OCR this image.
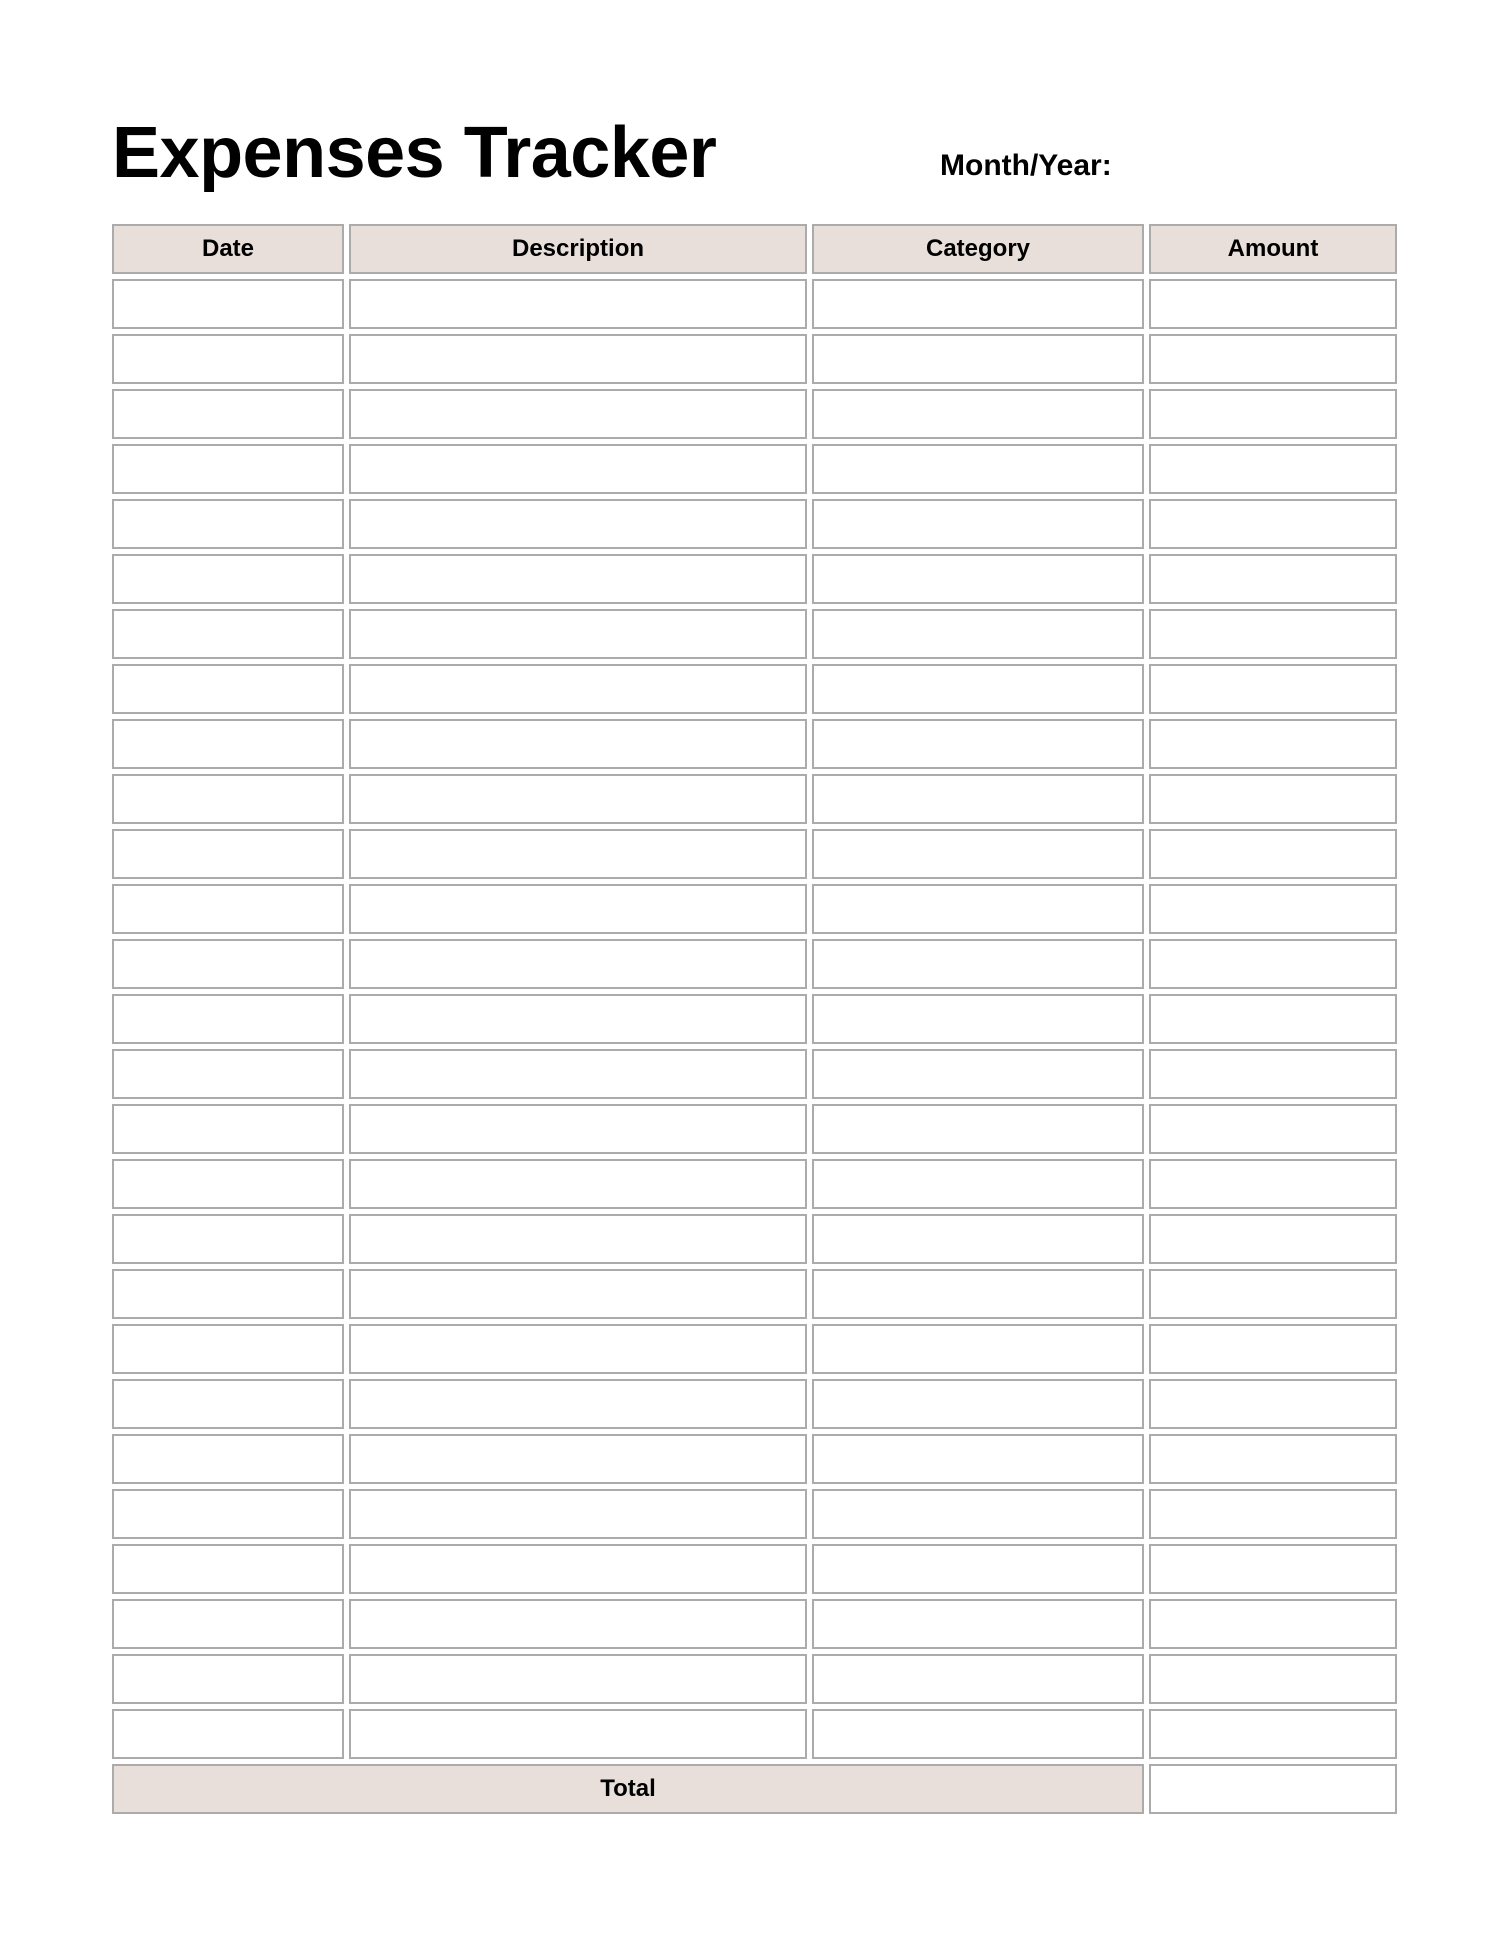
Expenses Tracker	Month/Year:
Date	Description	Category	Amount
Total
